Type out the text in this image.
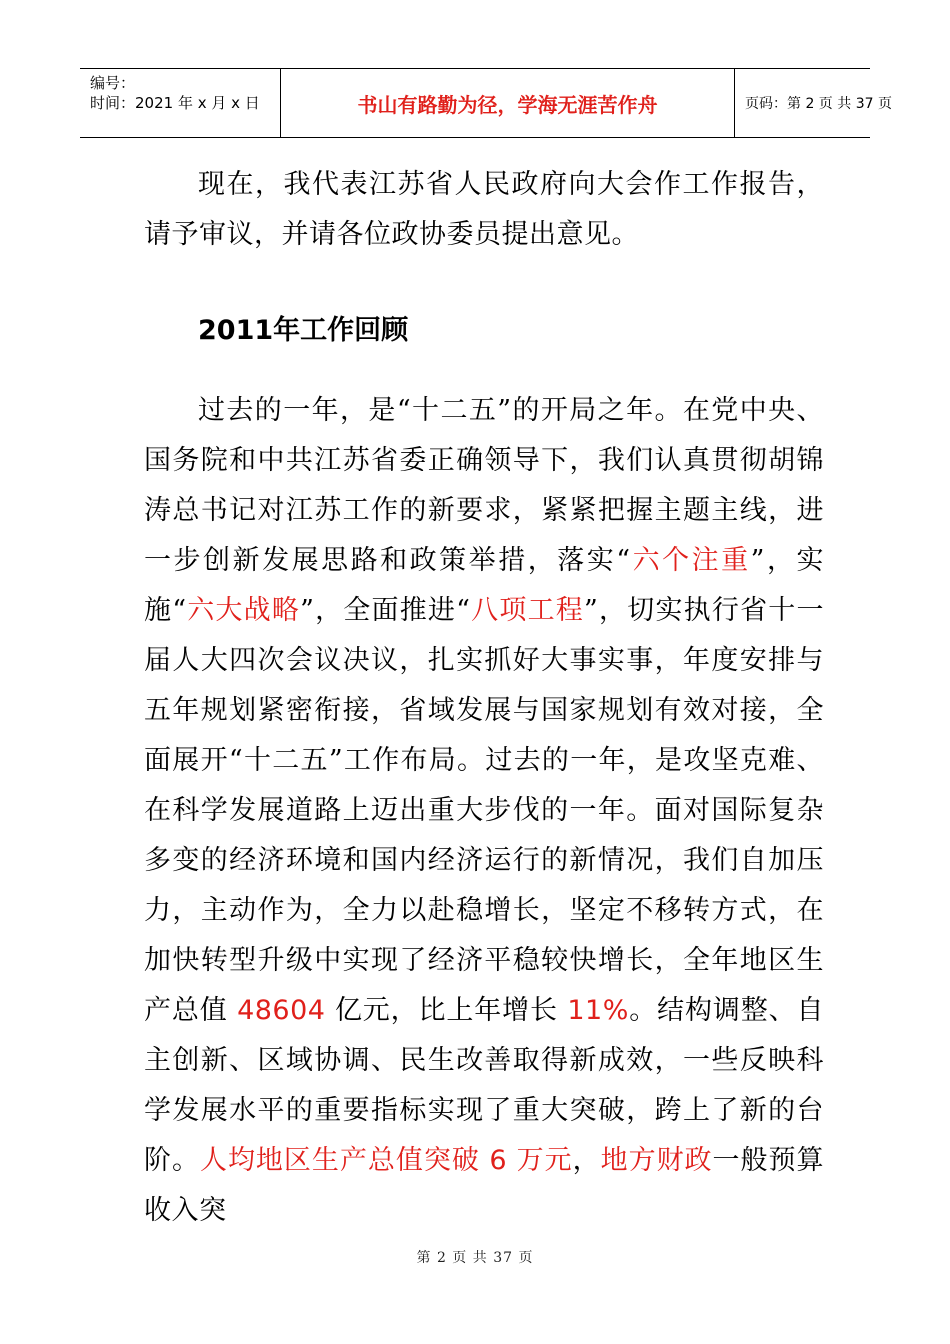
编号：
时间：2021 年 x 月 x 日	书山有路勤为径，学海无涯苦作舟	页码：第 2 页 共 37 页

现在，我代表江苏省人民政府向大会作工作报告，请予审议，并请各位政协委员提出意见。

2011年工作回顾

过去的一年，是“十二五”的开局之年。在党中央、国务院和中共江苏省委正确领导下，我们认真贯彻胡锦涛总书记对江苏工作的新要求，紧紧把握主题主线，进一步创新发展思路和政策举措，落实“六个注重”，实施“六大战略”，全面推进“八项工程”，切实执行省十一届人大四次会议决议，扎实抓好大事实事，年度安排与五年规划紧密衔接，省域发展与国家规划有效对接，全面展开“十二五”工作布局。过去的一年，是攻坚克难、在科学发展道路上迈出重大步伐的一年。面对国际复杂多变的经济环境和国内经济运行的新情况，我们自加压力，主动作为，全力以赴稳增长，坚定不移转方式，在加快转型升级中实现了经济平稳较快增长，全年地区生产总值 48604 亿元，比上年增长 11%。结构调整、自主创新、区域协调、民生改善取得新成效，一些反映科学发展水平的重要指标实现了重大突破，跨上了新的台阶。人均地区生产总值突破 6 万元，地方财政一般预算收入突

第 2 页 共 37 页
